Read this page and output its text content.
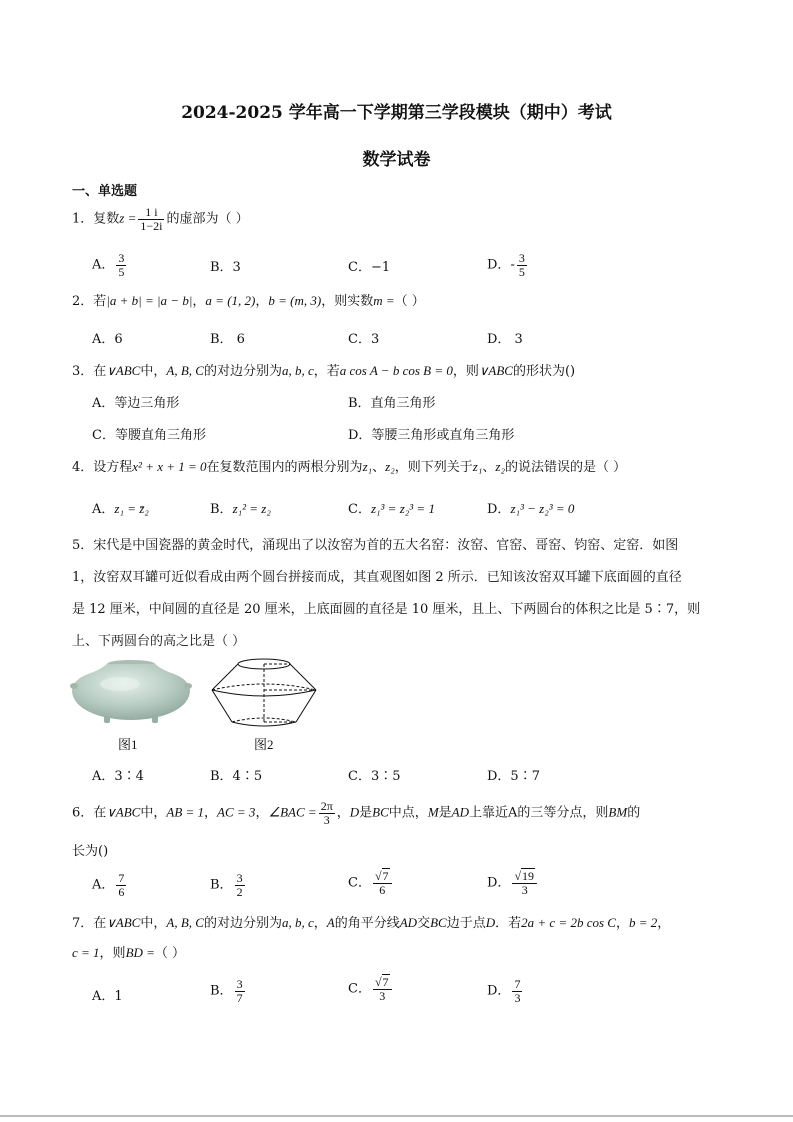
2024-2025 学年高一下学期第三学段模块（期中）考试
数学试卷
一、单选题
1．复数$z = \frac{1 i}{1-2i}$ 的虚部为（ ）
A． $\frac{3}{5}$	B．3	C．−1	D．- $\frac{3}{5}$
2．若|a + b| = |a − b|，a = (1, 2)，b = (m, 3)，则实数m =（ ）
A．6	B． 6	C．3	D． 3
3．在∨ABC中，A, B, C的对边分别为a, b, c，若a cos A − b cos B = 0，则∨ABC的形状为()
A．等边三角形	B．直角三角形
C．等腰直角三角形	D．等腰三角形或直角三角形
4．设方程x² + x + 1 = 0在复数范围内的两根分别为z₁、z₂，则下列关于z₁、z₂的说法错误的是（ ）
A．z₁ = z̄₂	B．z₁² = z₂	C．z₁³ = z₂³ = 1	D．z₁³ − z₂³ = 0
5．宋代是中国瓷器的黄金时代，涌现出了以汝窑为首的五大名窑：汝窑、官窑、哥窑、钧窑、定窑．如图
1，汝窑双耳罐可近似看成由两个圆台拼接而成，其直观图如图 2 所示．已知该汝窑双耳罐下底面圆的直径
是 12 厘米，中间圆的直径是 20 厘米，上底面圆的直径是 10 厘米，且上、下两圆台的体积之比是 5∶7，则
上、下两圆台的高之比是（ ）
图1	图2
A．3∶4	B．4∶5	C．3∶5	D．5∶7
6．在∨ABC中，AB = 1，AC = 3，∠BAC = $\frac{2\pi}{3}$ ，D是BC中点，M是AD上靠近A的三等分点，则BM的
长为()
A． $\frac{7}{6}$	B． $\frac{3}{2}$	C． $\frac{√7}{6}$	D． $\frac{√19}{3}$
7．在∨ABC中，A, B, C的对边分别为a, b, c，A的角平分线AD交BC边于点D．若2a + c = 2b cos C，b = 2，
c = 1，则BD =（ ）
A．1	B． $\frac{3}{7}$	C． $\frac{√7}{3}$	D． $\frac{7}{3}$
